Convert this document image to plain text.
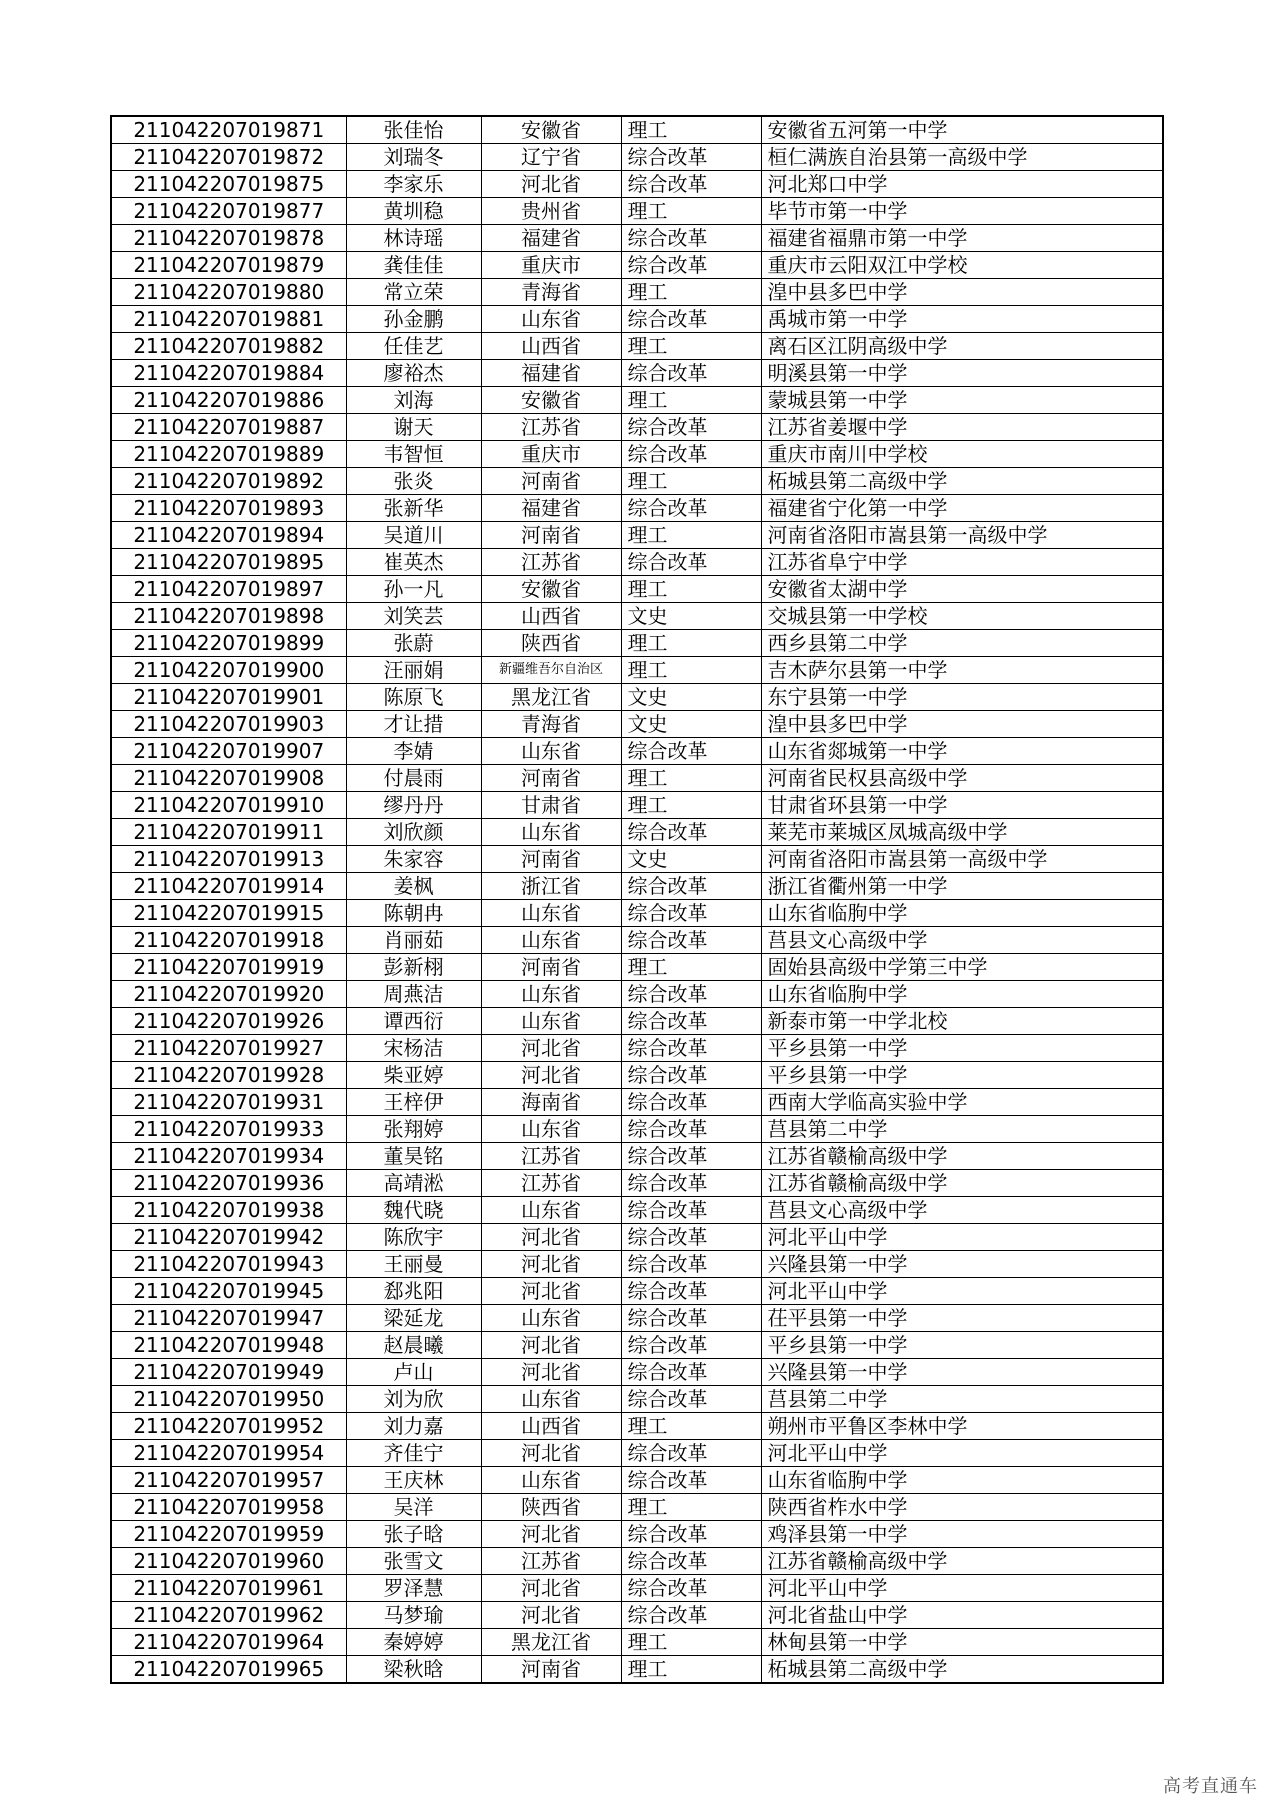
211042207019871	张佳怡	安徽省	理工	安徽省五河第一中学
211042207019872	刘瑞冬	辽宁省	综合改革	桓仁满族自治县第一高级中学
211042207019875	李家乐	河北省	综合改革	河北郑口中学
211042207019877	黄圳稳	贵州省	理工	毕节市第一中学
211042207019878	林诗瑶	福建省	综合改革	福建省福鼎市第一中学
211042207019879	龚佳佳	重庆市	综合改革	重庆市云阳双江中学校
211042207019880	常立荣	青海省	理工	湟中县多巴中学
211042207019881	孙金鹏	山东省	综合改革	禹城市第一中学
211042207019882	任佳艺	山西省	理工	离石区江阴高级中学
211042207019884	廖裕杰	福建省	综合改革	明溪县第一中学
211042207019886	刘海	安徽省	理工	蒙城县第一中学
211042207019887	谢天	江苏省	综合改革	江苏省姜堰中学
211042207019889	韦智恒	重庆市	综合改革	重庆市南川中学校
211042207019892	张炎	河南省	理工	柘城县第二高级中学
211042207019893	张新华	福建省	综合改革	福建省宁化第一中学
211042207019894	吴道川	河南省	理工	河南省洛阳市嵩县第一高级中学
211042207019895	崔英杰	江苏省	综合改革	江苏省阜宁中学
211042207019897	孙一凡	安徽省	理工	安徽省太湖中学
211042207019898	刘笑芸	山西省	文史	交城县第一中学校
211042207019899	张蔚	陕西省	理工	西乡县第二中学
211042207019900	汪丽娟	新疆维吾尔自治区	理工	吉木萨尔县第一中学
211042207019901	陈原飞	黑龙江省	文史	东宁县第一中学
211042207019903	才让措	青海省	文史	湟中县多巴中学
211042207019907	李婧	山东省	综合改革	山东省郯城第一中学
211042207019908	付晨雨	河南省	理工	河南省民权县高级中学
211042207019910	缪丹丹	甘肃省	理工	甘肃省环县第一中学
211042207019911	刘欣颜	山东省	综合改革	莱芜市莱城区凤城高级中学
211042207019913	朱家容	河南省	文史	河南省洛阳市嵩县第一高级中学
211042207019914	姜枫	浙江省	综合改革	浙江省衢州第一中学
211042207019915	陈朝冉	山东省	综合改革	山东省临朐中学
211042207019918	肖丽茹	山东省	综合改革	莒县文心高级中学
211042207019919	彭新栩	河南省	理工	固始县高级中学第三中学
211042207019920	周燕洁	山东省	综合改革	山东省临朐中学
211042207019926	谭西衍	山东省	综合改革	新泰市第一中学北校
211042207019927	宋杨洁	河北省	综合改革	平乡县第一中学
211042207019928	柴亚婷	河北省	综合改革	平乡县第一中学
211042207019931	王梓伊	海南省	综合改革	西南大学临高实验中学
211042207019933	张翔婷	山东省	综合改革	莒县第二中学
211042207019934	董昊铭	江苏省	综合改革	江苏省赣榆高级中学
211042207019936	高靖淞	江苏省	综合改革	江苏省赣榆高级中学
211042207019938	魏代晓	山东省	综合改革	莒县文心高级中学
211042207019942	陈欣宇	河北省	综合改革	河北平山中学
211042207019943	王丽曼	河北省	综合改革	兴隆县第一中学
211042207019945	郄兆阳	河北省	综合改革	河北平山中学
211042207019947	梁延龙	山东省	综合改革	茌平县第一中学
211042207019948	赵晨曦	河北省	综合改革	平乡县第一中学
211042207019949	卢山	河北省	综合改革	兴隆县第一中学
211042207019950	刘为欣	山东省	综合改革	莒县第二中学
211042207019952	刘力嘉	山西省	理工	朔州市平鲁区李林中学
211042207019954	齐佳宁	河北省	综合改革	河北平山中学
211042207019957	王庆林	山东省	综合改革	山东省临朐中学
211042207019958	吴洋	陕西省	理工	陕西省柞水中学
211042207019959	张子晗	河北省	综合改革	鸡泽县第一中学
211042207019960	张雪文	江苏省	综合改革	江苏省赣榆高级中学
211042207019961	罗泽慧	河北省	综合改革	河北平山中学
211042207019962	马梦瑜	河北省	综合改革	河北省盐山中学
211042207019964	秦婷婷	黑龙江省	理工	林甸县第一中学
211042207019965	梁秋晗	河南省	理工	柘城县第二高级中学
高考直通车
